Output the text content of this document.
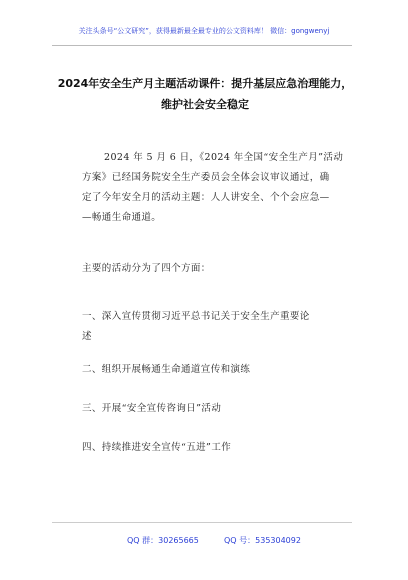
关注头条号“公文研究”，获得最新最全最专业的公文资料库！ 微信：gongwenyj
2024年安全生产月主题活动课件：提升基层应急治理能力，
维护社会安全稳定
2024 年 5 月 6 日，《2024 年全国“安全生产月”活动
方案》已经国务院安全生产委员会全体会议审议通过，确
定了今年安全月的活动主题：人人讲安全、个个会应急—
—畅通生命通道。
主要的活动分为了四个方面：
一、深入宣传贯彻习近平总书记关于安全生产重要论
述
二、组织开展畅通生命通道宣传和演练
三、开展“安全宣传咨询日”活动
四、持续推进安全宣传“五进”工作
QQ 群：30265665	QQ 号：535304092
